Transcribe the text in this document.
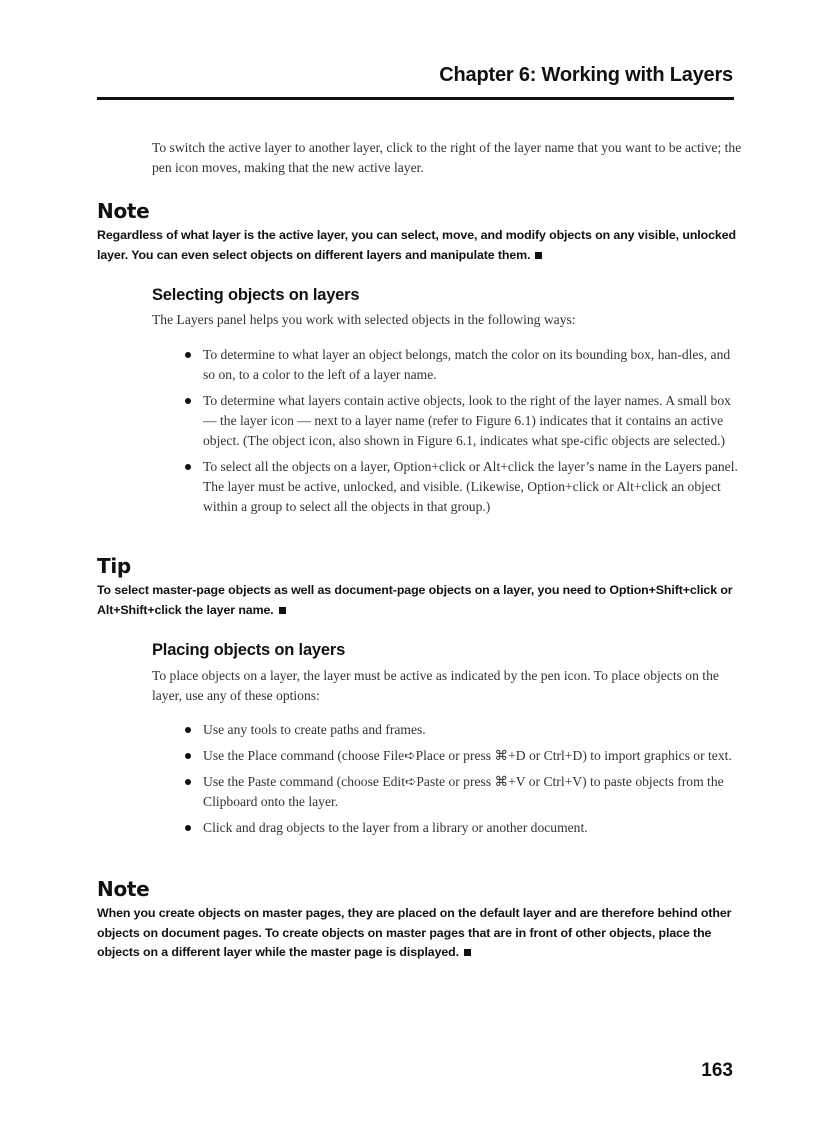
Chapter 6: Working with Layers

To switch the active layer to another layer, click to the right of the layer name that you want to be active; the pen icon moves, making that the new active layer.

Note
Regardless of what layer is the active layer, you can select, move, and modify objects on any visible, unlocked layer. You can even select objects on different layers and manipulate them.
Selecting objects on layers

The Layers panel helps you work with selected objects in the following ways:

To determine to what layer an object belongs, match the color on its bounding box, han-dles, and so on, to a color to the left of a layer name.
To determine what layers contain active objects, look to the right of the layer names. A small box — the layer icon — next to a layer name (refer to Figure 6.1) indicates that it contains an active object. (The object icon, also shown in Figure 6.1, indicates what spe-cific objects are selected.)
To select all the objects on a layer, Option+click or Alt+click the layer’s name in the Layers panel. The layer must be active, unlocked, and visible. (Likewise, Option+click or Alt+click an object within a group to select all the objects in that group.)
Tip
To select master-page objects as well as document-page objects on a layer, you need to Option+Shift+click or Alt+Shift+click the layer name.
Placing objects on layers

To place objects on a layer, the layer must be active as indicated by the pen icon. To place objects on the layer, use any of these options:

Use any tools to create paths and frames.
Use the Place command (choose File➪Place or press ⌘+D or Ctrl+D) to import graphics or text.
Use the Paste command (choose Edit➪Paste or press ⌘+V or Ctrl+V) to paste objects from the Clipboard onto the layer.
Click and drag objects to the layer from a library or another document.
Note
When you create objects on master pages, they are placed on the default layer and are therefore behind other objects on document pages. To create objects on master pages that are in front of other objects, place the objects on a different layer while the master page is displayed.
163
